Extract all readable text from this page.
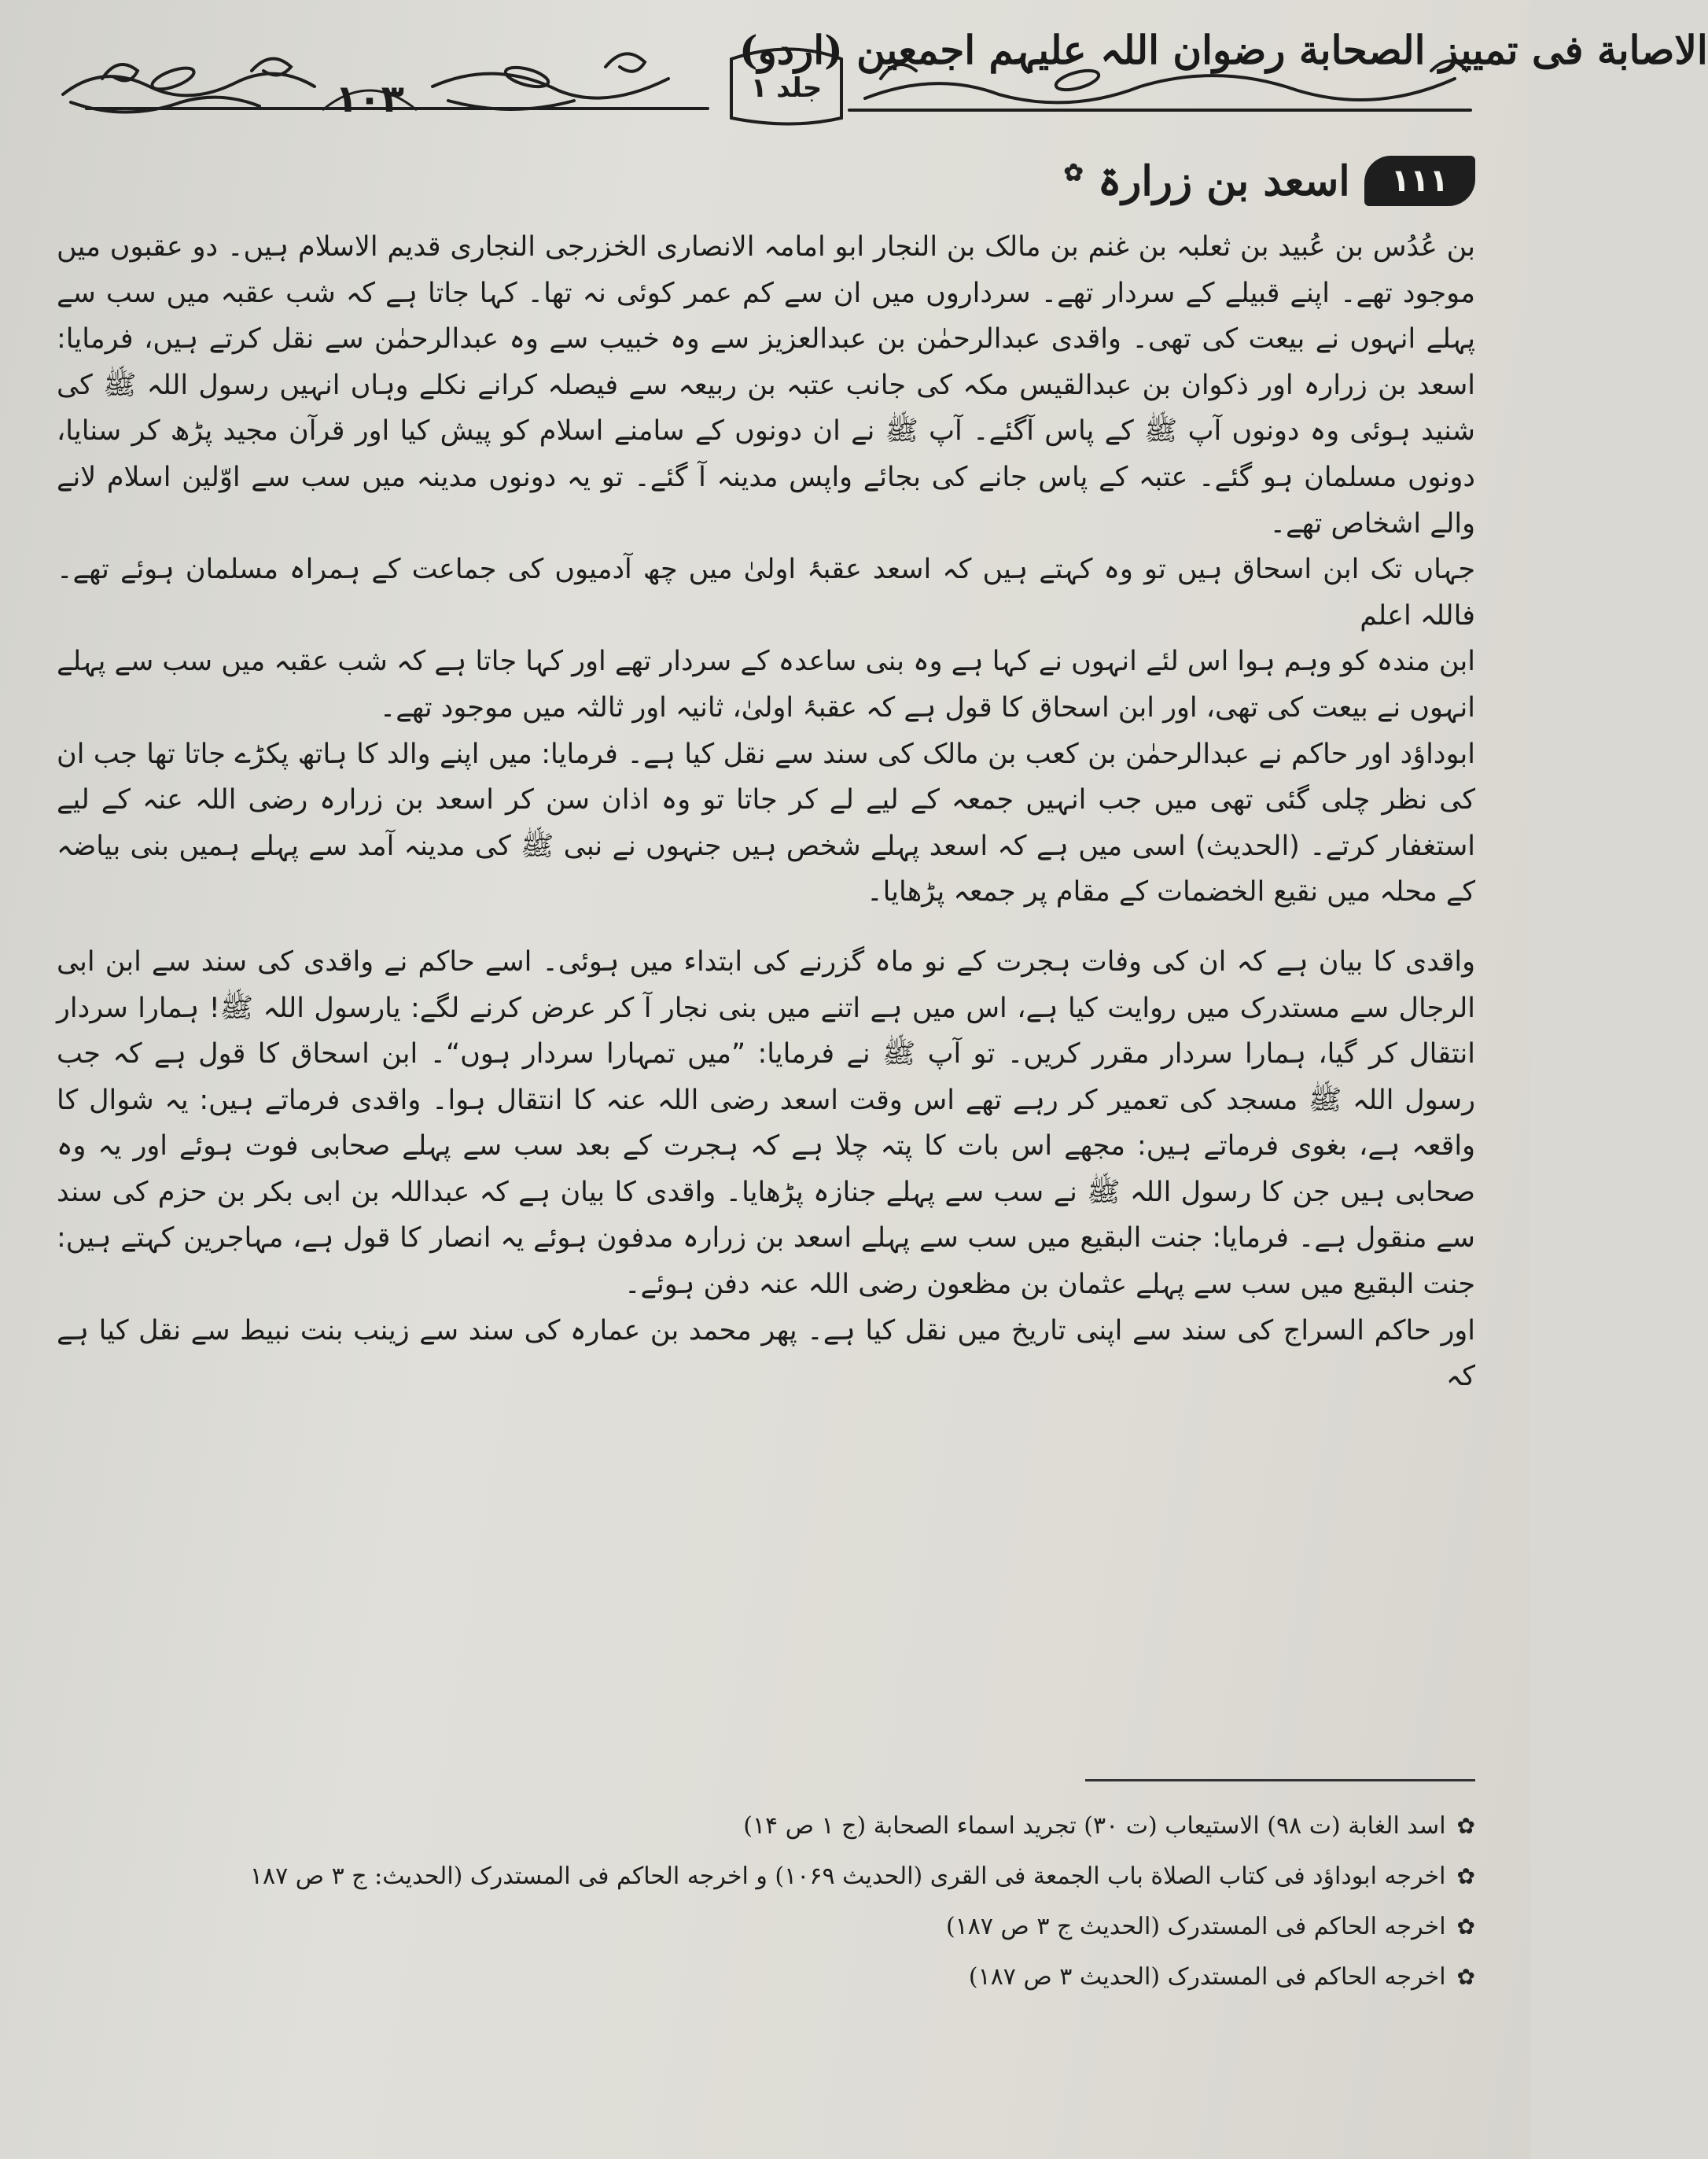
الاصابة فی تمییز الصحابة رضوان اللہ علیہم اجمعین (اردو)
جلد ۱
۱۰۳
۱۱۱
اسعد بن زرارۃ ✿

بن عُدُس بن عُبید بن ثعلبہ بن غنم بن مالک بن النجار ابو امامہ الانصاری الخزرجی النجاری قدیم الاسلام ہیں۔ دو عقبوں میں موجود تھے۔ اپنے قبیلے کے سردار تھے۔ سرداروں میں ان سے کم عمر کوئی نہ تھا۔ کہا جاتا ہے کہ شب عقبہ میں سب سے پہلے انہوں نے بیعت کی تھی۔ واقدی عبدالرحمٰن بن عبدالعزیز سے وہ خبیب سے وہ عبدالرحمٰن سے نقل کرتے ہیں، فرمایا: اسعد بن زرارہ اور ذکوان بن عبدالقیس مکہ کی جانب عتبہ بن ربیعہ سے فیصلہ کرانے نکلے وہاں انہیں رسول اللہ ﷺ کی شنید ہوئی وہ دونوں آپ ﷺ کے پاس آگئے۔ آپ ﷺ نے ان دونوں کے سامنے اسلام کو پیش کیا اور قرآن مجید پڑھ کر سنایا، دونوں مسلمان ہو گئے۔ عتبہ کے پاس جانے کی بجائے واپس مدینہ آ گئے۔ تو یہ دونوں مدینہ میں سب سے اوّلین اسلام لانے والے اشخاص تھے۔

جہاں تک ابن اسحاق ہیں تو وہ کہتے ہیں کہ اسعد عقبۂ اولیٰ میں چھ آدمیوں کی جماعت کے ہمراہ مسلمان ہوئے تھے۔ فاللہ اعلم

ابن مندہ کو وہم ہوا اس لئے انہوں نے کہا ہے وہ بنی ساعدہ کے سردار تھے اور کہا جاتا ہے کہ شب عقبہ میں سب سے پہلے انہوں نے بیعت کی تھی، اور ابن اسحاق کا قول ہے کہ عقبۂ اولیٰ، ثانیہ اور ثالثہ میں موجود تھے۔

ابوداؤد اور حاکم نے عبدالرحمٰن بن کعب بن مالک کی سند سے نقل کیا ہے۔ فرمایا: میں اپنے والد کا ہاتھ پکڑے جاتا تھا جب ان کی نظر چلی گئی تھی میں جب انہیں جمعہ کے لیے لے کر جاتا تو وہ اذان سن کر اسعد بن زرارہ رضی اللہ عنہ کے لیے استغفار کرتے۔ (الحدیث) اسی میں ہے کہ اسعد پہلے شخص ہیں جنہوں نے نبی ﷺ کی مدینہ آمد سے پہلے ہمیں بنی بیاضہ کے محلہ میں نقیع الخضمات کے مقام پر جمعہ پڑھایا۔

واقدی کا بیان ہے کہ ان کی وفات ہجرت کے نو ماہ گزرنے کی ابتداء میں ہوئی۔ اسے حاکم نے واقدی کی سند سے ابن ابی الرجال سے مستدرک میں روایت کیا ہے، اس میں ہے اتنے میں بنی نجار آ کر عرض کرنے لگے: یارسول اللہ ﷺ! ہمارا سردار انتقال کر گیا، ہمارا سردار مقرر کریں۔ تو آپ ﷺ نے فرمایا: ”میں تمہارا سردار ہوں“۔ ابن اسحاق کا قول ہے کہ جب رسول اللہ ﷺ مسجد کی تعمیر کر رہے تھے اس وقت اسعد رضی اللہ عنہ کا انتقال ہوا۔ واقدی فرماتے ہیں: یہ شوال کا واقعہ ہے، بغوی فرماتے ہیں: مجھے اس بات کا پتہ چلا ہے کہ ہجرت کے بعد سب سے پہلے صحابی فوت ہوئے اور یہ وہ صحابی ہیں جن کا رسول اللہ ﷺ نے سب سے پہلے جنازہ پڑھایا۔ واقدی کا بیان ہے کہ عبداللہ بن ابی بکر بن حزم کی سند سے منقول ہے۔ فرمایا: جنت البقیع میں سب سے پہلے اسعد بن زرارہ مدفون ہوئے یہ انصار کا قول ہے، مہاجرین کہتے ہیں: جنت البقیع میں سب سے پہلے عثمان بن مظعون رضی اللہ عنہ دفن ہوئے۔

اور حاکم السراج کی سند سے اپنی تاریخ میں نقل کیا ہے۔ پھر محمد بن عمارہ کی سند سے زینب بنت نبیط سے نقل کیا ہے کہ

✿
اسد الغابة (ت ۹۸) الاستیعاب (ت ۳۰) تجرید اسماء الصحابة (ج ۱ ص ۱۴)
✿
اخرجه ابوداؤد فی کتاب الصلاة باب الجمعة فی القری (الحدیث ۱۰۶۹) و اخرجه الحاکم فی المستدرک (الحدیث: ج ۳ ص ۱۸۷
✿
اخرجه الحاکم فی المستدرک (الحدیث ج ۳ ص ۱۸۷)
✿
اخرجه الحاکم فی المستدرک (الحدیث ۳ ص ۱۸۷)
